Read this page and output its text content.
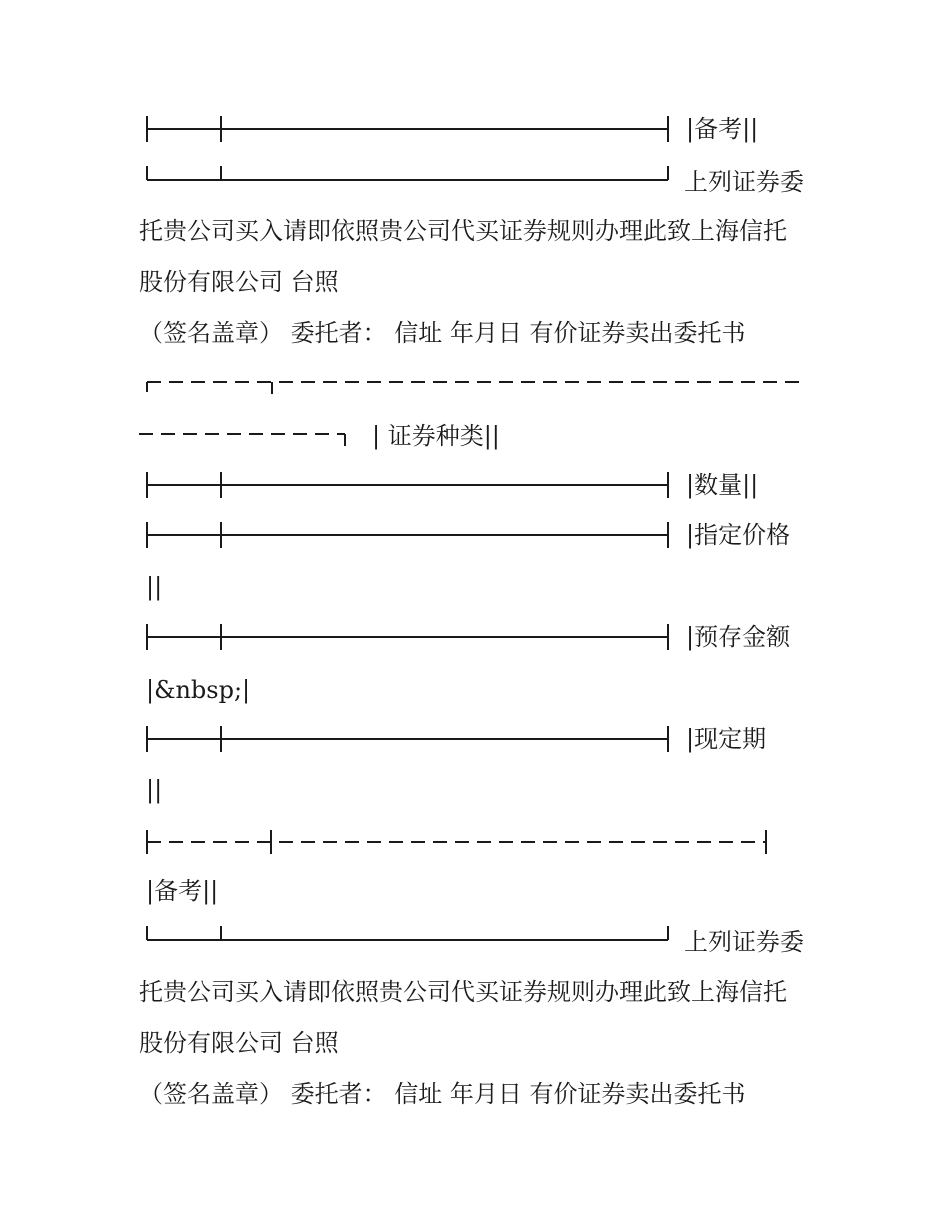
|备考||
上列证券委
托贵公司买入请即依照贵公司代买证券规则办理此致上海信托
股份有限公司 台照
（签名盖章） 委托者： 信址 年月日 有价证券卖出委托书
| 证券种类||
|数量||
|指定价格
||
|预存金额
|&nbsp;|
|现定期
||
|备考||
上列证券委
托贵公司买入请即依照贵公司代买证券规则办理此致上海信托
股份有限公司 台照
（签名盖章） 委托者： 信址 年月日 有价证券卖出委托书
